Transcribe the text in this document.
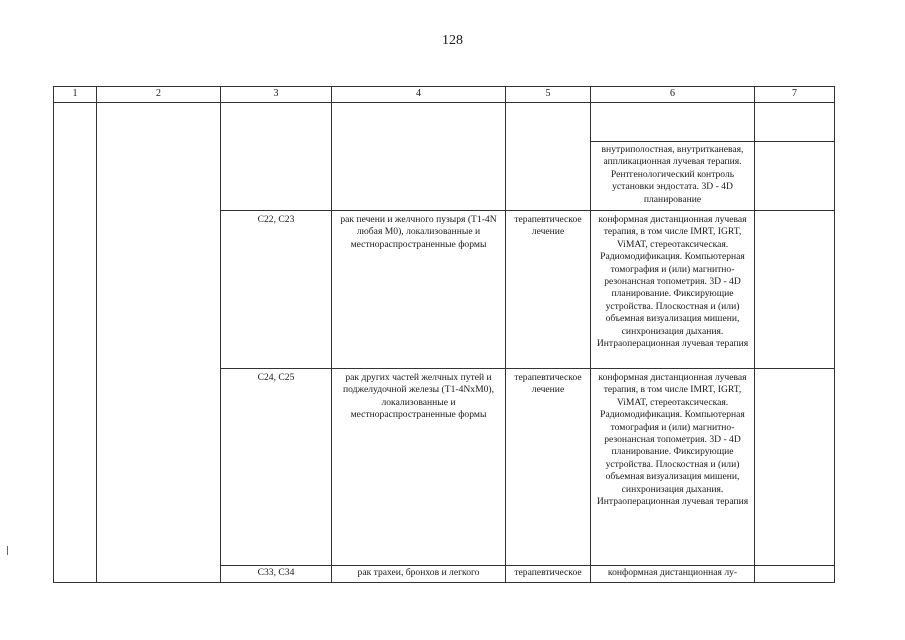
128
1	2	3	4	5	6	7

					внутриполостная, внутритканевая, аппликационная лучевая терапия. Рентгенологический контроль установки эндостата. 3D - 4D планирование	
		С22, С23	рак печени и желчного пузыря (T1-4N любая M0), локализованные и местнораспространенные формы	терапевтическое лечение	конформная дистанционная лучевая терапия, в том числе IMRT, IGRT, ViMAT, стереотаксическая. Радиомодификация. Компьютерная томография и (или) магнитно-резонансная топометрия. 3D - 4D планирование. Фиксирующие устройства. Плоскостная и (или) объемная визуализация мишени, синхронизация дыхания. Интраоперационная лучевая терапия	
		С24, С25	рак других частей желчных путей и поджелудочной железы (T1-4NxM0), локализованные и местнораспространенные формы	терапевтическое лечение	конформная дистанционная лучевая терапия, в том числе IMRT, IGRT, ViMAT, стереотаксическая. Радиомодификация. Компьютерная томография и (или) магнитно-резонансная топометрия. 3D - 4D планирование. Фиксирующие устройства. Плоскостная и (или) объемная визуализация мишени, синхронизация дыхания. Интраоперационная лучевая терапия	
		С33, С34	рак трахеи, бронхов и легкого	терапевтическое	конформная дистанционная лу-	
